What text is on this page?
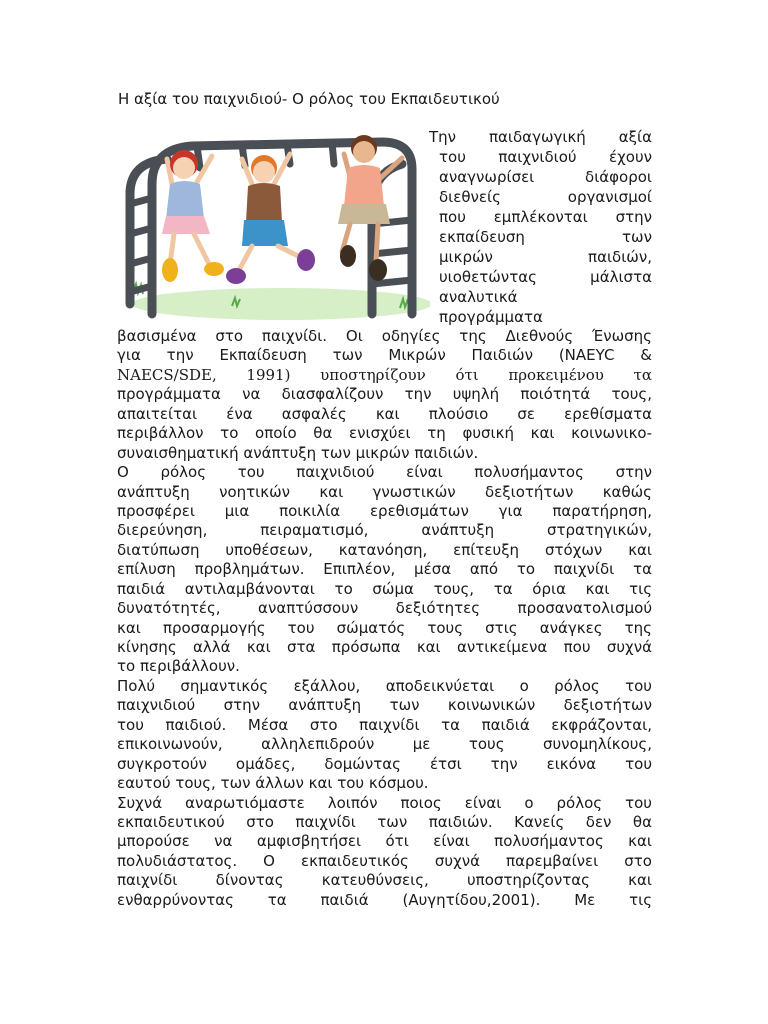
Η αξία του παιχνιδιού- Ο ρόλος του Εκπαιδευτικού
Την παιδαγωγική αξία
του παιχνιδιού έχουν
αναγνωρίσει διάφοροι
διεθνείς οργανισμοί
που εμπλέκονται στην
εκπαίδευση των
μικρών παιδιών,
υιοθετώντας μάλιστα
αναλυτικά
προγράμματα

βασισμένα στο παιχνίδι. Οι οδηγίες της Διεθνούς Ένωσης
για την Εκπαίδευση των Μικρών Παιδιών (NAEYC &
NAECS/SDE, 1991) υποστηρίζουν ότι προκειμένου τα
προγράμματα να διασφαλίζουν την υψηλή ποιότητά τους,
απαιτείται ένα ασφαλές και πλούσιο σε ερεθίσματα
περιβάλλον το οποίο θα ενισχύει τη φυσική και κοινωνικο-
συναισθηματική ανάπτυξη των μικρών παιδιών.

Ο ρόλος του παιχνιδιού είναι πολυσήμαντος στην
ανάπτυξη νοητικών και γνωστικών δεξιοτήτων καθώς
προσφέρει μια ποικιλία ερεθισμάτων για παρατήρηση,
διερεύνηση, πειραματισμό, ανάπτυξη στρατηγικών,
διατύπωση υποθέσεων, κατανόηση, επίτευξη στόχων και
επίλυση προβλημάτων. Επιπλέον, μέσα από το παιχνίδι τα
παιδιά αντιλαμβάνονται το σώμα τους, τα όρια και τις
δυνατότητές, αναπτύσσουν δεξιότητες προσανατολισμού
και προσαρμογής του σώματός τους στις ανάγκες της
κίνησης αλλά και στα πρόσωπα και αντικείμενα που συχνά
το περιβάλλουν.

Πολύ σημαντικός εξάλλου, αποδεικνύεται ο ρόλος του
παιχνιδιού στην ανάπτυξη των κοινωνικών δεξιοτήτων
του παιδιού. Μέσα στο παιχνίδι τα παιδιά εκφράζονται,
επικοινωνούν, αλληλεπιδρούν με τους συνομηλίκους,
συγκροτούν ομάδες, δομώντας έτσι την εικόνα του
εαυτού τους, των άλλων και του κόσμου.

Συχνά αναρωτιόμαστε λοιπόν ποιος είναι ο ρόλος του
εκπαιδευτικού στο παιχνίδι των παιδιών. Κανείς δεν θα
μπορούσε να αμφισβητήσει ότι είναι πολυσήμαντος και
πολυδιάστατος. Ο εκπαιδευτικός συχνά παρεμβαίνει στο
παιχνίδι δίνοντας κατευθύνσεις, υποστηρίζοντας και
ενθαρρύνοντας τα παιδιά (Αυγητίδου,2001). Με τις
